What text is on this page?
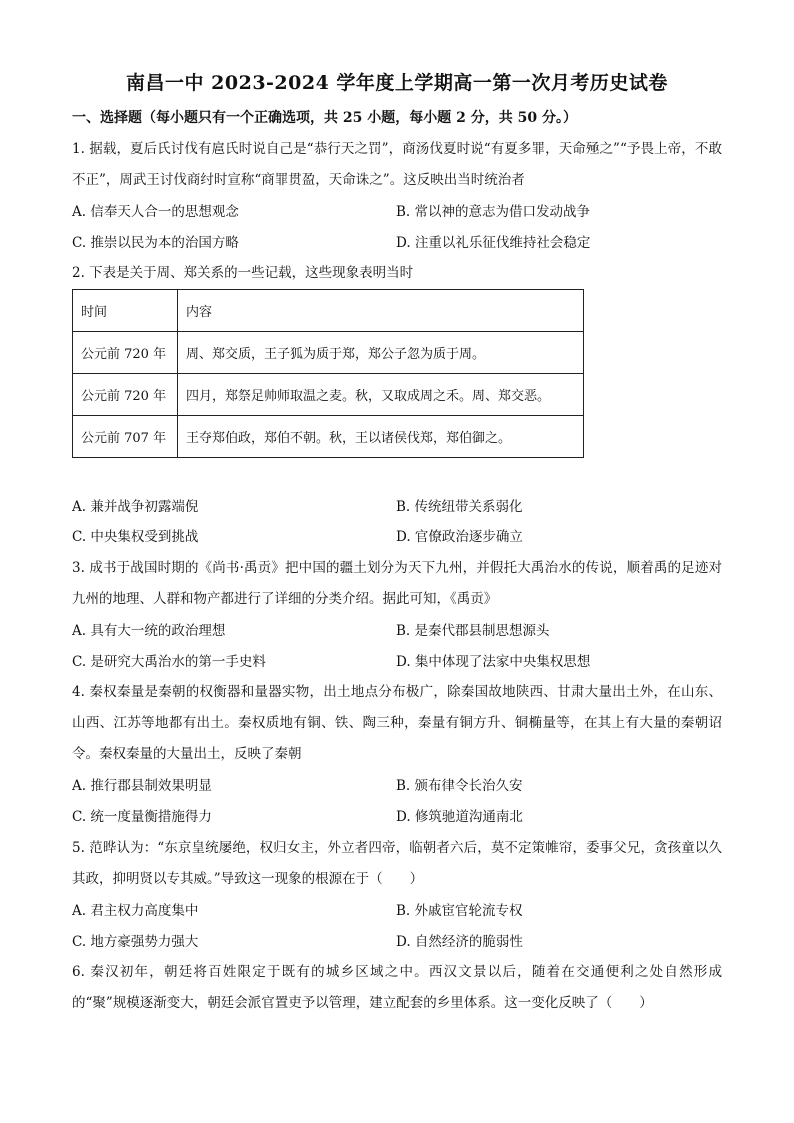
南昌一中 2023-2024 学年度上学期高一第一次月考历史试卷
一、选择题（每小题只有一个正确选项，共 25 小题，每小题 2 分，共 50 分。）
1. 据载，夏后氏讨伐有扈氏时说自己是“恭行天之罚”，商汤伐夏时说“有夏多罪，天命殛之”“予畏上帝，不敢不正”，周武王讨伐商纣时宣称“商罪贯盈，天命诛之”。这反映出当时统治者
A. 信奉天人合一的思想观念	B. 常以神的意志为借口发动战争
C. 推崇以民为本的治国方略	D. 注重以礼乐征伐维持社会稳定
2. 下表是关于周、郑关系的一些记载，这些现象表明当时
时间	内容
公元前 720 年	周、郑交质，王子狐为质于郑，郑公子忽为质于周。
公元前 720 年	四月，郑祭足帅师取温之麦。秋，又取成周之禾。周、郑交恶。
公元前 707 年	王夺郑伯政，郑伯不朝。秋，王以诸侯伐郑，郑伯御之。
A. 兼并战争初露端倪	B. 传统纽带关系弱化
C. 中央集权受到挑战	D. 官僚政治逐步确立
3. 成书于战国时期的《尚书·禹贡》把中国的疆土划分为天下九州，并假托大禹治水的传说，顺着禹的足迹对九州的地理、人群和物产都进行了详细的分类介绍。据此可知，《禹贡》
A. 具有大一统的政治理想	B. 是秦代郡县制思想源头
C. 是研究大禹治水的第一手史料	D. 集中体现了法家中央集权思想
4. 秦权秦量是秦朝的权衡器和量器实物，出土地点分布极广，除秦国故地陕西、甘肃大量出土外，在山东、山西、江苏等地都有出土。秦权质地有铜、铁、陶三种，秦量有铜方升、铜椭量等，在其上有大量的秦朝诏令。秦权秦量的大量出土，反映了秦朝
A. 推行郡县制效果明显	B. 颁布律令长治久安
C. 统一度量衡措施得力	D. 修筑驰道沟通南北
5. 范晔认为：“东京皇统屡绝，权归女主，外立者四帝，临朝者六后，莫不定策帷帘，委事父兄，贪孩童以久其政，抑明贤以专其威。”导致这一现象的根源在于（　　）
A. 君主权力高度集中	B. 外戚宦官轮流专权
C. 地方豪强势力强大	D. 自然经济的脆弱性
6. 秦汉初年，朝廷将百姓限定于既有的城乡区域之中。西汉文景以后，随着在交通便利之处自然形成的“聚”规模逐渐变大，朝廷会派官置吏予以管理，建立配套的乡里体系。这一变化反映了（　　）
